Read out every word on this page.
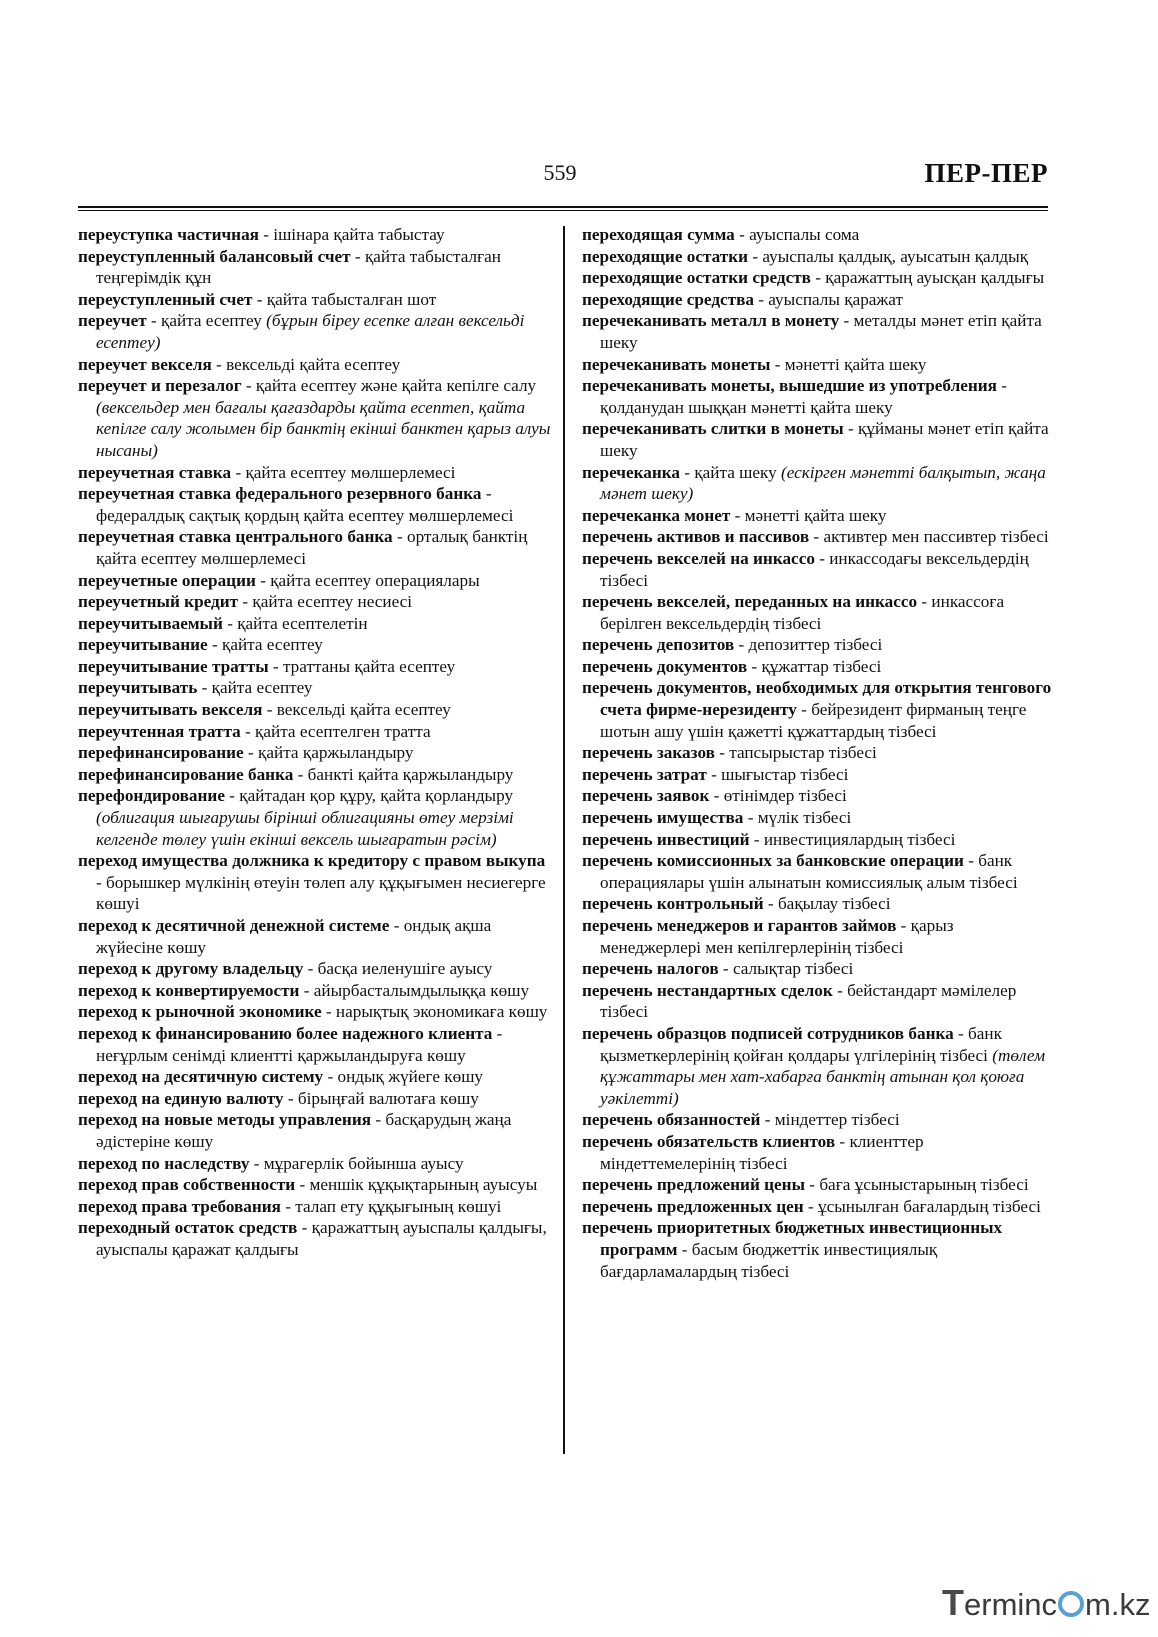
559	ПЕР-ПЕР

переуступка частичная - ішінара қайта табыстау

переуступленный балансовый счет - қайта табысталған теңгерімдік құн

переуступленный счет - қайта табысталған шот

переучет - қайта есептеу (бұрын біреу есепке алған вексельді есептеу)

переучет векселя - вексельді қайта есептеу

переучет и перезалог - қайта есептеу және қайта кепілге салу (вексельдер мен бағалы қағаздарды қайта есептеп, қайта кепілге салу жолымен бір банктің екінші банктен қарыз алуы нысаны)

переучетная ставка - қайта есептеу мөлшерлемесі

переучетная ставка федерального резервного банка - федералдық сақтық қордың қайта есептеу мөлшерлемесі

переучетная ставка центрального банка - орталық банктің қайта есептеу мөлшерлемесі

переучетные операции - қайта есептеу операциялары

переучетный кредит - қайта есептеу несиесі

переучитываемый - қайта есептелетін

переучитывание - қайта есептеу

переучитывание тратты - траттаны қайта есептеу

переучитывать - қайта есептеу

переучитывать векселя - вексельді қайта есептеу

переучтенная тратта - қайта есептелген тратта

перефинансирование - қайта қаржыландыру

перефинансирование банка - банкті қайта қаржыландыру

перефондирование - қайтадан қор құру, қайта қорландыру (облигация шығарушы бірінші облигацияны өтеу мерзімі келгенде төлеу үшін екінші вексель шығаратын рәсім)

переход имущества должника к кредитору с правом выкупа - борышкер мүлкінің өтеуін төлеп алу құқығымен несиегерге көшуі

переход к десятичной денежной системе - ондық ақша жүйесіне көшу

переход к другому владельцу - басқа иеленушіге ауысу

переход к конвертируемости - айырбасталымдылыққа көшу

переход к рыночной экономике - нарықтық экономикаға көшу

переход к финансированию более надежного клиента - неғұрлым сенімді клиентті қаржыландыруға көшу

переход на десятичную систему - ондық жүйеге көшу

переход на единую валюту - бірыңғай валютаға көшу

переход на новые методы управления - басқарудың жаңа әдістеріне көшу

переход по наследству - мұрагерлік бойынша ауысу

переход прав собственности - меншік құқықтарының ауысуы

переход права требования - талап ету құқығының көшуі

переходный остаток средств - қаражаттың ауыспалы қалдығы, ауыспалы қаражат қалдығы

переходящая сумма - ауыспалы сома

переходящие остатки - ауыспалы қалдық, ауысатын қалдық

переходящие остатки средств - қаражаттың ауысқан қалдығы

переходящие средства - ауыспалы қаражат

перечеканивать металл в монету - металды мәнет етіп қайта шеку

перечеканивать монеты - мәнетті қайта шеку

перечеканивать монеты, вышедшие из употребления - қолданудан шыққан мәнетті қайта шеку

перечеканивать слитки в монеты - құйманы мәнет етіп қайта шеку

перечеканка - қайта шеку (ескірген мәнетті балқытып, жаңа мәнет шеку)

перечеканка монет - мәнетті қайта шеку

перечень активов и пассивов - активтер мен пассивтер тізбесі

перечень векселей на инкассо - инкассодағы вексельдердің тізбесі

перечень векселей, переданных на инкассо - инкассоға берілген вексельдердің тізбесі

перечень депозитов - депозиттер тізбесі

перечень документов - құжаттар тізбесі

перечень документов, необходимых для открытия тенгового счета фирме-нерезиденту - бейрезидент фирманың теңге шотын ашу үшін қажетті құжаттардың тізбесі

перечень заказов - тапсырыстар тізбесі

перечень затрат - шығыстар тізбесі

перечень заявок - өтінімдер тізбесі

перечень имущества - мүлік тізбесі

перечень инвестиций - инвестициялардың тізбесі

перечень комиссионных за банковские операции - банк операциялары үшін алынатын комиссиялық алым тізбесі

перечень контрольный - бақылау тізбесі

перечень менеджеров и гарантов займов - қарыз менеджерлері мен кепілгерлерінің тізбесі

перечень налогов - салықтар тізбесі

перечень нестандартных сделок - бейстандарт мәмілелер тізбесі

перечень образцов подписей сотрудников банка - банк қызметкерлерінің қойған қолдары үлгілерінің тізбесі (төлем құжаттары мен хат-хабарға банктің атынан қол қоюға уәкілетті)

перечень обязанностей - міндеттер тізбесі

перечень обязательств клиентов - клиенттер міндеттемелерінің тізбесі

перечень предложений цены - баға ұсыныстарының тізбесі

перечень предложенных цен - ұсынылған бағалардың тізбесі

перечень приоритетных бюджетных инвестиционных программ - басым бюджеттік инвестициялық бағдарламалардың тізбесі

Terminc m.kz
